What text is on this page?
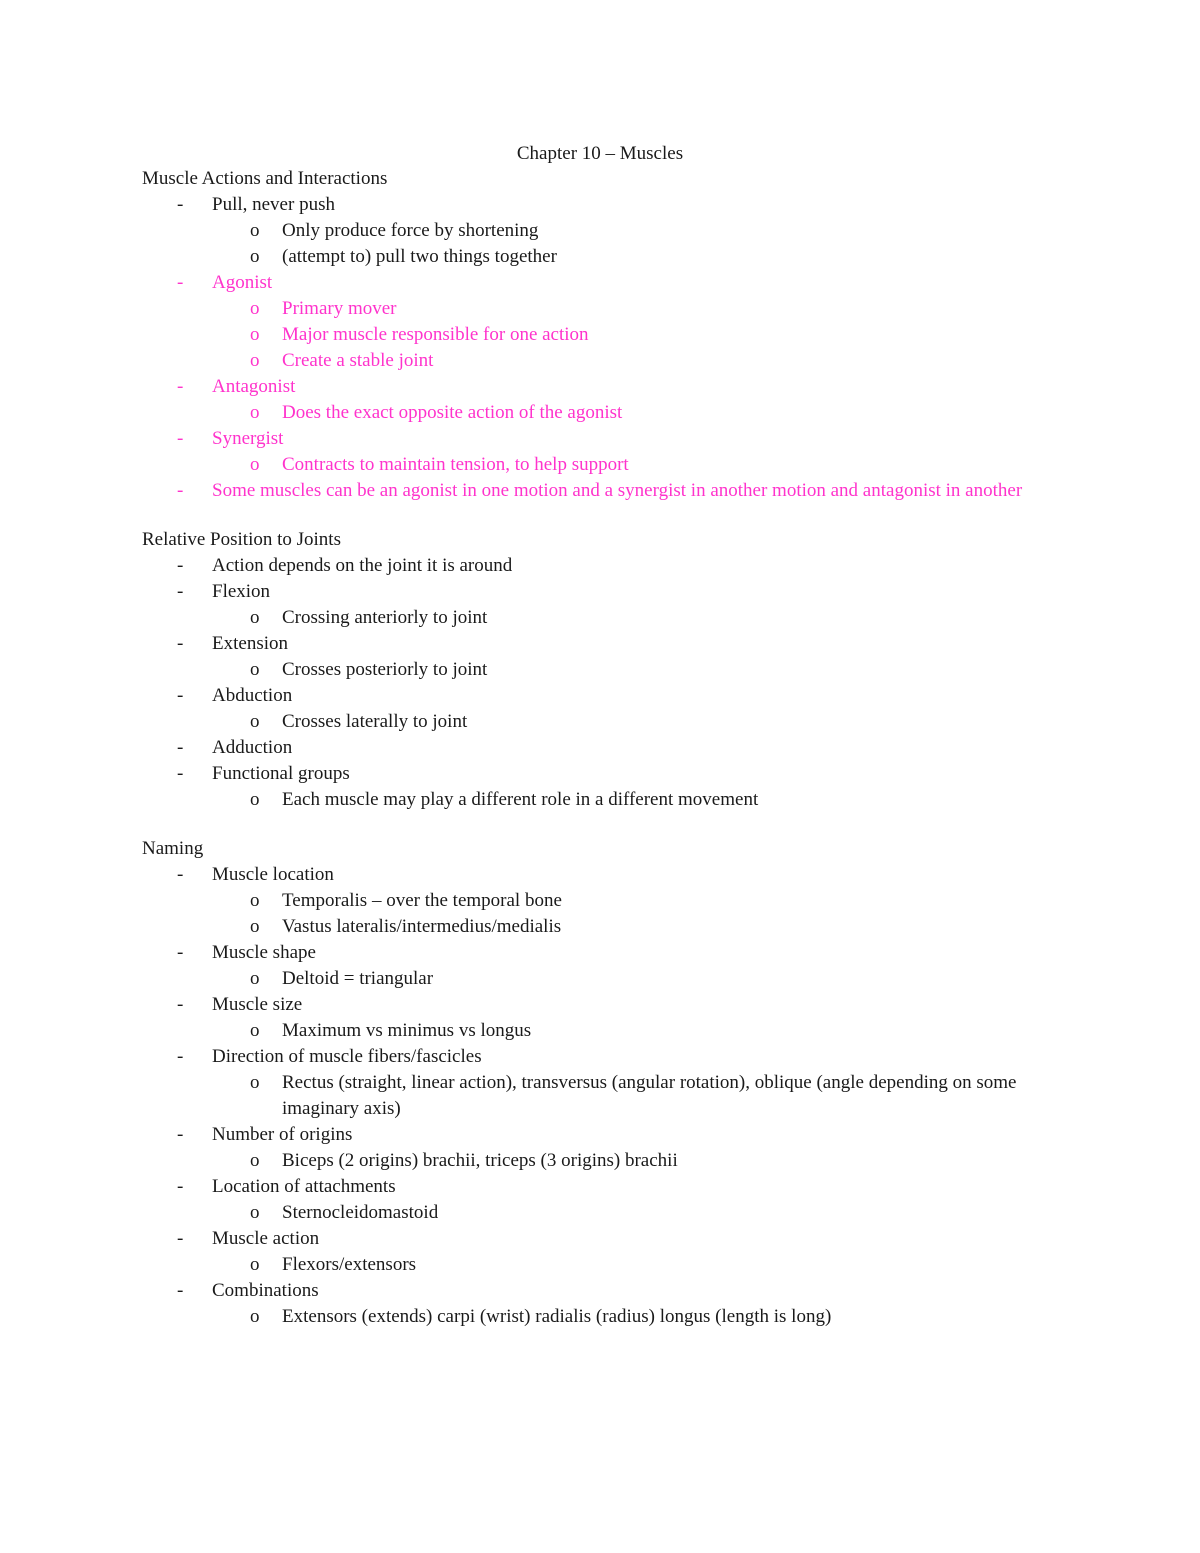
Chapter 10 – Muscles
Muscle Actions and Interactions
- Pull, never push
o Only produce force by shortening
o (attempt to) pull two things together
- Agonist
o Primary mover
o Major muscle responsible for one action
o Create a stable joint
- Antagonist
o Does the exact opposite action of the agonist
- Synergist
o Contracts to maintain tension, to help support
- Some muscles can be an agonist in one motion and a synergist in another motion and antagonist in another
Relative Position to Joints
- Action depends on the joint it is around
- Flexion
o Crossing anteriorly to joint
- Extension
o Crosses posteriorly to joint
- Abduction
o Crosses laterally to joint
- Adduction
- Functional groups
o Each muscle may play a different role in a different movement
Naming
- Muscle location
o Temporalis – over the temporal bone
o Vastus lateralis/intermedius/medialis
- Muscle shape
o Deltoid = triangular
- Muscle size
o Maximum vs minimus vs longus
- Direction of muscle fibers/fascicles
o Rectus (straight, linear action), transversus (angular rotation), oblique (angle depending on some imaginary axis)
- Number of origins
o Biceps (2 origins) brachii, triceps (3 origins) brachii
- Location of attachments
o Sternocleidomastoid
- Muscle action
o Flexors/extensors
- Combinations
o Extensors (extends) carpi (wrist) radialis (radius) longus (length is long)
